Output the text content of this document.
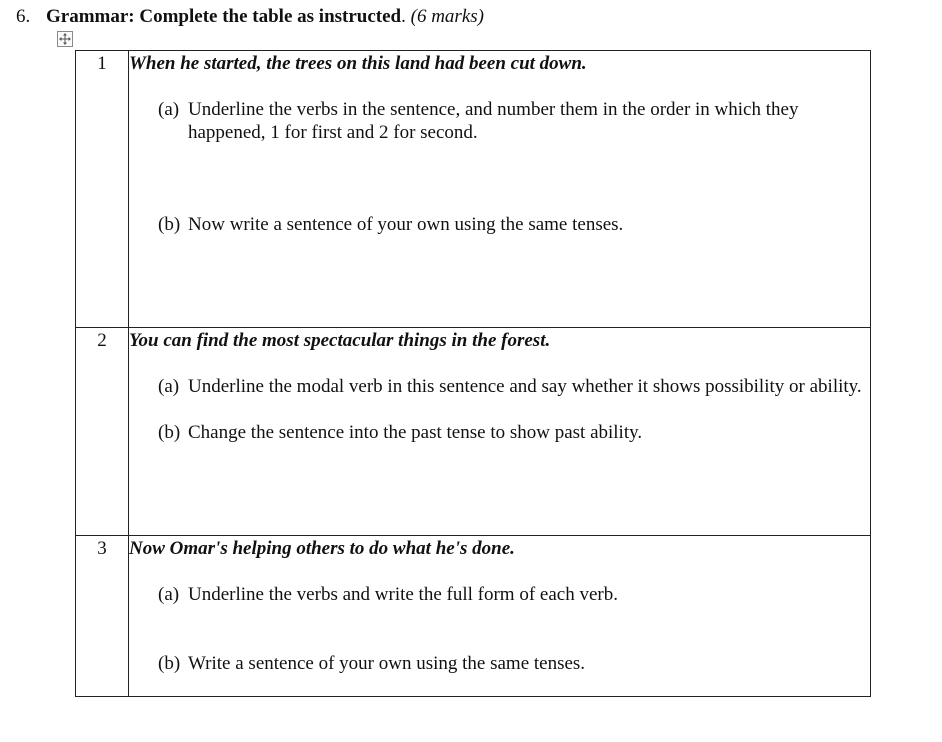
6. Grammar: Complete the table as instructed. (6 marks)
1	When he started, the trees on this land had been cut down.
(a) Underline the verbs in the sentence, and number them in the order in which they happened, 1 for first and 2 for second.
(b) Now write a sentence of your own using the same tenses.

2	You can find the most spectacular things in the forest.
(a) Underline the modal verb in this sentence and say whether it shows possibility or ability.
(b) Change the sentence into the past tense to show past ability.

3	Now Omar's helping others to do what he's done.
(a) Underline the verbs and write the full form of each verb.
(b) Write a sentence of your own using the same tenses.
